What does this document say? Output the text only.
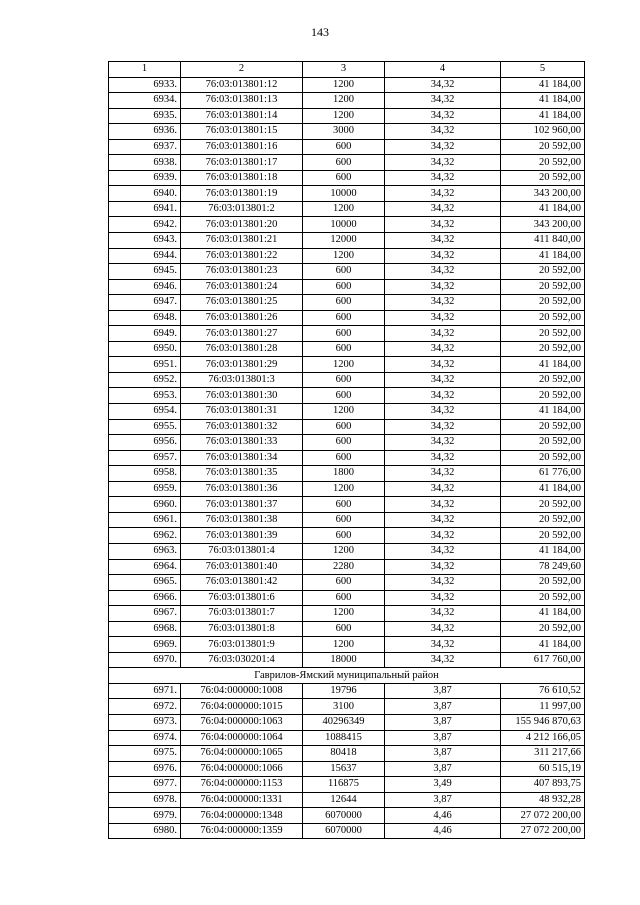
143
1	2	3	4	5
6933.	76:03:013801:12	1200	34,32	41 184,00
6934.	76:03:013801:13	1200	34,32	41 184,00
6935.	76:03:013801:14	1200	34,32	41 184,00
6936.	76:03:013801:15	3000	34,32	102 960,00
6937.	76:03:013801:16	600	34,32	20 592,00
6938.	76:03:013801:17	600	34,32	20 592,00
6939.	76:03:013801:18	600	34,32	20 592,00
6940.	76:03:013801:19	10000	34,32	343 200,00
6941.	76:03:013801:2	1200	34,32	41 184,00
6942.	76:03:013801:20	10000	34,32	343 200,00
6943.	76:03:013801:21	12000	34,32	411 840,00
6944.	76:03:013801:22	1200	34,32	41 184,00
6945.	76:03:013801:23	600	34,32	20 592,00
6946.	76:03:013801:24	600	34,32	20 592,00
6947.	76:03:013801:25	600	34,32	20 592,00
6948.	76:03:013801:26	600	34,32	20 592,00
6949.	76:03:013801:27	600	34,32	20 592,00
6950.	76:03:013801:28	600	34,32	20 592,00
6951.	76:03:013801:29	1200	34,32	41 184,00
6952.	76:03:013801:3	600	34,32	20 592,00
6953.	76:03:013801:30	600	34,32	20 592,00
6954.	76:03:013801:31	1200	34,32	41 184,00
6955.	76:03:013801:32	600	34,32	20 592,00
6956.	76:03:013801:33	600	34,32	20 592,00
6957.	76:03:013801:34	600	34,32	20 592,00
6958.	76:03:013801:35	1800	34,32	61 776,00
6959.	76:03:013801:36	1200	34,32	41 184,00
6960.	76:03:013801:37	600	34,32	20 592,00
6961.	76:03:013801:38	600	34,32	20 592,00
6962.	76:03:013801:39	600	34,32	20 592,00
6963.	76:03:013801:4	1200	34,32	41 184,00
6964.	76:03:013801:40	2280	34,32	78 249,60
6965.	76:03:013801:42	600	34,32	20 592,00
6966.	76:03:013801:6	600	34,32	20 592,00
6967.	76:03:013801:7	1200	34,32	41 184,00
6968.	76:03:013801:8	600	34,32	20 592,00
6969.	76:03:013801:9	1200	34,32	41 184,00
6970.	76:03:030201:4	18000	34,32	617 760,00
Гаврилов-Ямский муниципальный район				
6971.	76:04:000000:1008	19796	3,87	76 610,52
6972.	76:04:000000:1015	3100	3,87	11 997,00
6973.	76:04:000000:1063	40296349	3,87	155 946 870,63
6974.	76:04:000000:1064	1088415	3,87	4 212 166,05
6975.	76:04:000000:1065	80418	3,87	311 217,66
6976.	76:04:000000:1066	15637	3,87	60 515,19
6977.	76:04:000000:1153	116875	3,49	407 893,75
6978.	76:04:000000:1331	12644	3,87	48 932,28
6979.	76:04:000000:1348	6070000	4,46	27 072 200,00
6980.	76:04:000000:1359	6070000	4,46	27 072 200,00
